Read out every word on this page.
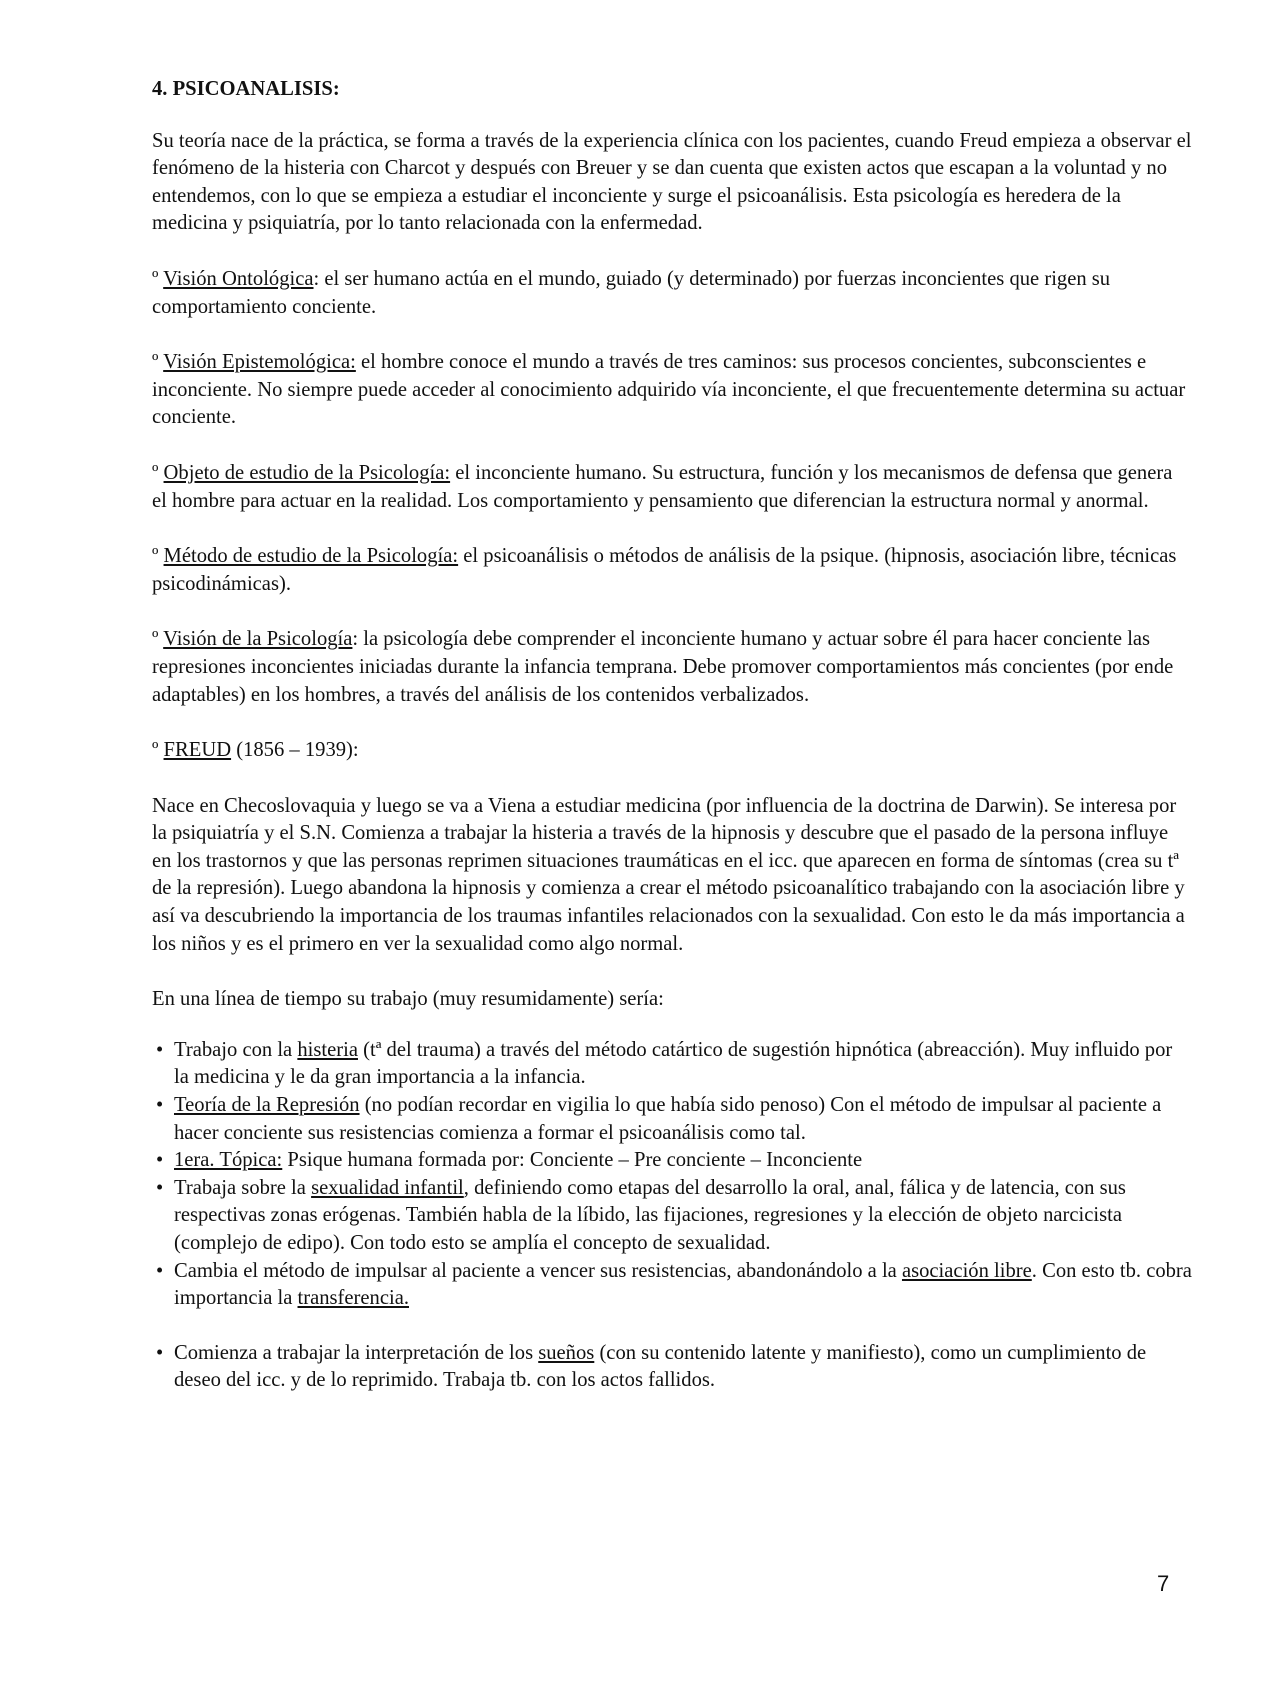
4. PSICOANALISIS:

Su teoría nace de la práctica, se forma a través de la experiencia clínica con los pacientes, cuando Freud empieza a observar el fenómeno de la histeria con Charcot y después con Breuer y se dan cuenta que existen actos que escapan a la voluntad y no entendemos, con lo que se empieza a estudiar el inconciente y surge el psicoanálisis. Esta psicología es heredera de la medicina y psiquiatría, por lo tanto relacionada con la enfermedad.

º Visión Ontológica: el ser humano actúa en el mundo, guiado (y determinado) por fuerzas inconcientes que rigen su comportamiento conciente.

º Visión Epistemológica: el hombre conoce el mundo a través de tres caminos: sus procesos concientes, subconscientes e inconciente. No siempre puede acceder al conocimiento adquirido vía inconciente, el que frecuentemente determina su actuar conciente.

º Objeto de estudio de la Psicología: el inconciente humano. Su estructura, función y los mecanismos de defensa que genera el hombre para actuar en la realidad. Los comportamiento y pensamiento que diferencian la estructura normal y anormal.

º Método de estudio de la Psicología: el psicoanálisis o métodos de análisis de la psique. (hipnosis, asociación libre, técnicas psicodinámicas).

º Visión de la Psicología: la psicología debe comprender el inconciente humano y actuar sobre él para hacer conciente las represiones inconcientes iniciadas durante la infancia temprana. Debe promover comportamientos más concientes (por ende adaptables) en los hombres, a través del análisis de los contenidos verbalizados.

º FREUD (1856 – 1939):

Nace en Checoslovaquia y luego se va a Viena a estudiar medicina (por influencia de la doctrina de Darwin). Se interesa por la psiquiatría y el S.N. Comienza a trabajar la histeria a través de la hipnosis y descubre que el pasado de la persona influye en los trastornos y que las personas reprimen situaciones traumáticas en el icc. que aparecen en forma de síntomas (crea su tª de la represión). Luego abandona la hipnosis y comienza a crear el método psicoanalítico trabajando con la asociación libre y así va descubriendo la importancia de los traumas infantiles relacionados con la sexualidad. Con esto le da más importancia a los niños y es el primero en ver la sexualidad como algo normal.

En una línea de tiempo su trabajo (muy resumidamente) sería:

• Trabajo con la histeria (tª del trauma) a través del método catártico de sugestión hipnótica (abreacción). Muy influido por la medicina y le da gran importancia a la infancia.
• Teoría de la Represión (no podían recordar en vigilia lo que había sido penoso) Con el método de impulsar al paciente a hacer conciente sus resistencias comienza a formar el psicoanálisis como tal.
• 1era. Tópica: Psique humana formada por: Conciente – Pre conciente – Inconciente
• Trabaja sobre la sexualidad infantil, definiendo como etapas del desarrollo la oral, anal, fálica y de latencia, con sus respectivas zonas erógenas. También habla de la líbido, las fijaciones, regresiones y la elección de objeto narcicista (complejo de edipo). Con todo esto se amplía el concepto de sexualidad.
• Cambia el método de impulsar al paciente a vencer sus resistencias, abandonándolo a la asociación libre. Con esto tb. cobra importancia la transferencia.
• Comienza a trabajar la interpretación de los sueños (con su contenido latente y manifiesto), como un cumplimiento de deseo del icc. y de lo reprimido. Trabaja tb. con los actos fallidos.
7
